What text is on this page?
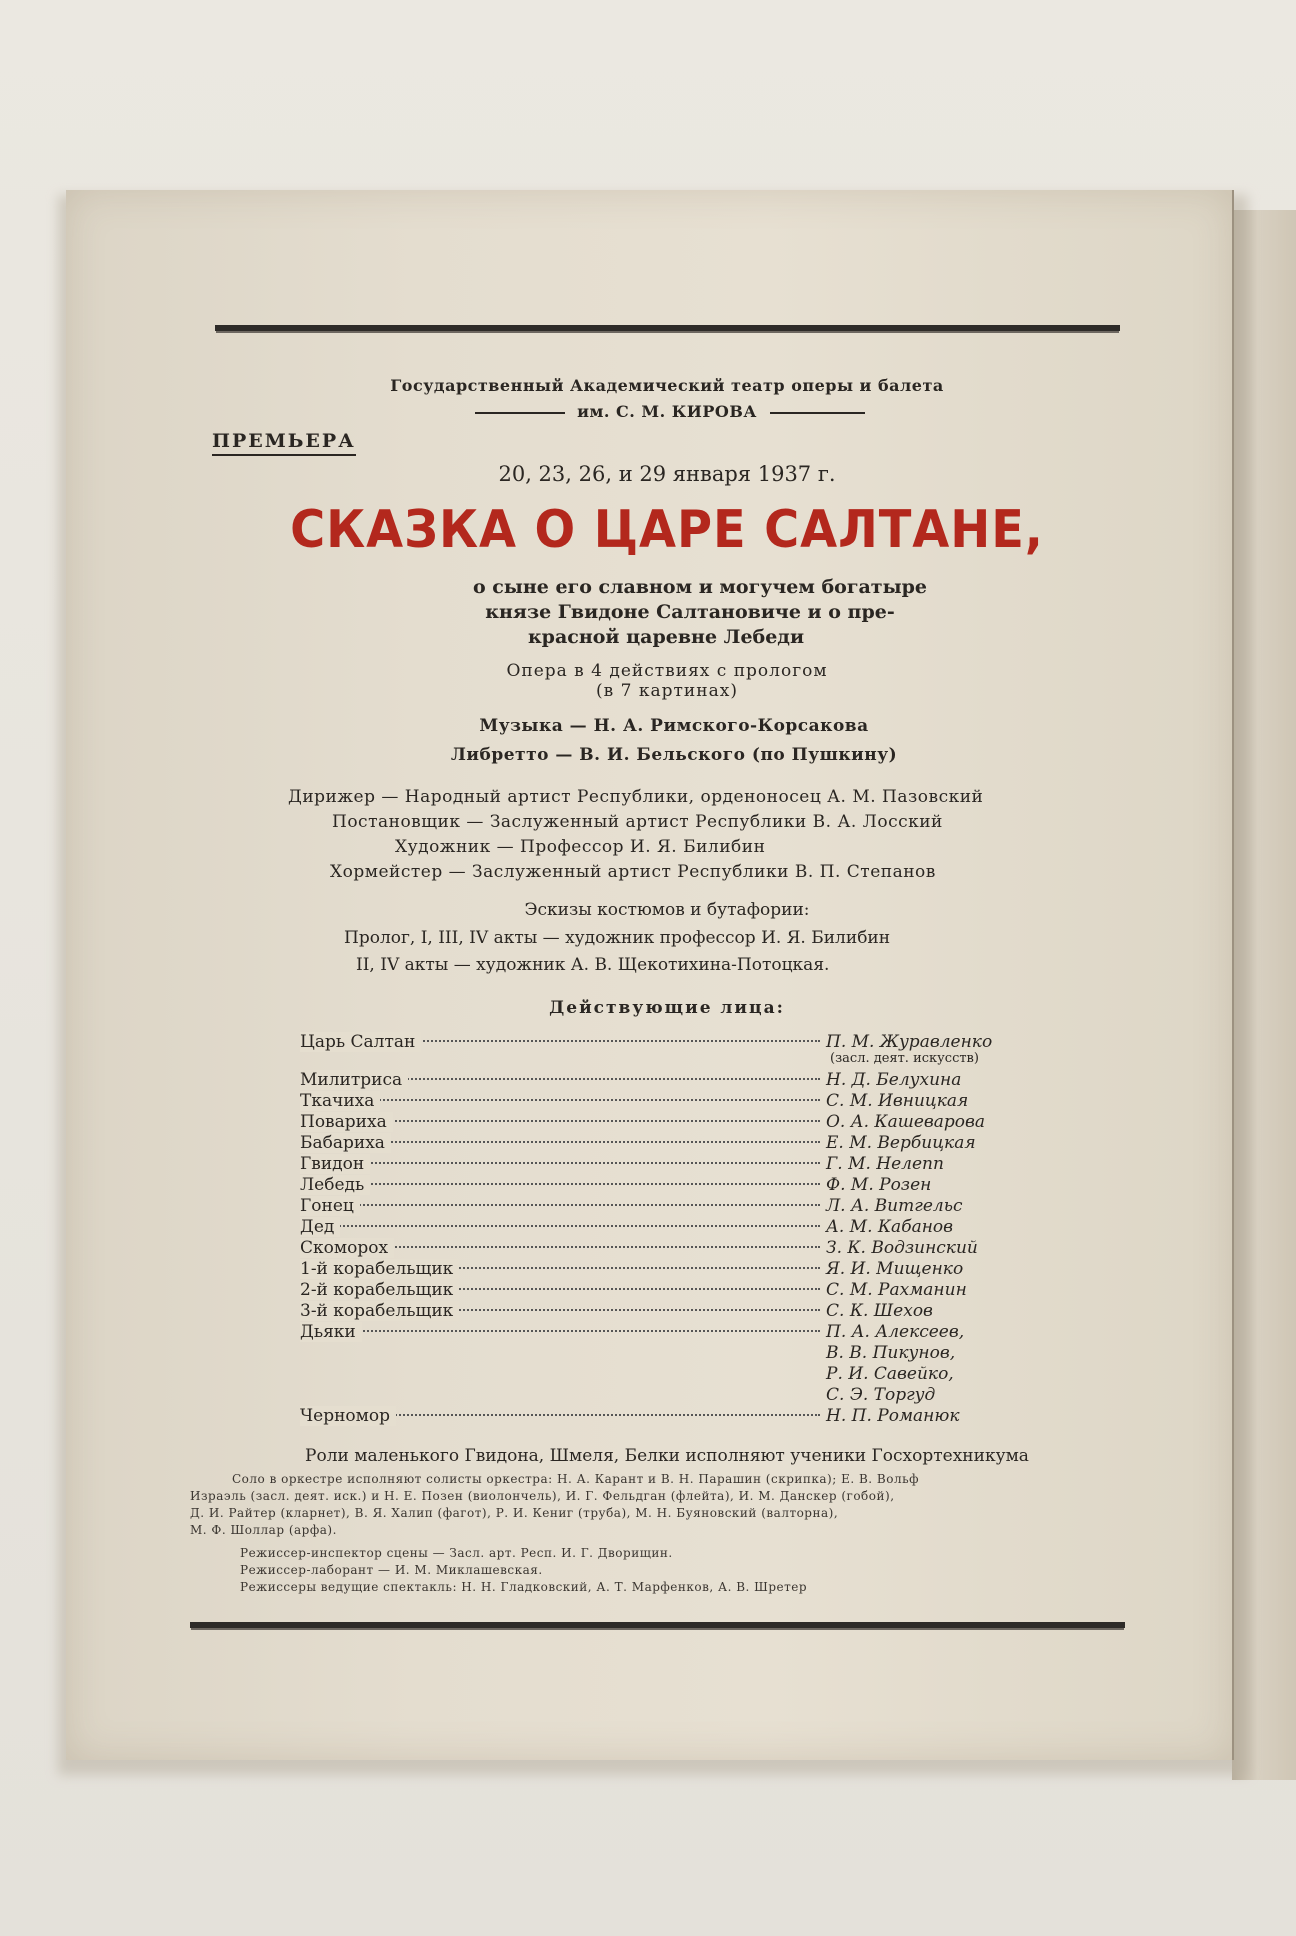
Государственный Академический театр оперы и балета
им. С. М. КИРОВА
ПРЕМЬЕРА
20, 23, 26, и 29 января 1937 г.
СКАЗКА О ЦАРЕ САЛТАНЕ,
о сыне его славном и могучем богатыре
князе Гвидоне Салтановиче и о пре-
красной царевне Лебеди
Опера в 4 действиях с прологом
(в 7 картинах)
Музыка — Н. А. Римского-Корсакова
Либретто — В. И. Бельского (по Пушкину)
Дирижер — Народный артист Республики, орденоносец А. М. Пазовский
Постановщик — Заслуженный артист Республики В. А. Лосский
Художник — Профессор И. Я. Билибин
Хормейстер — Заслуженный артист Республики В. П. Степанов
Эскизы костюмов и бутафории:
Пролог, I, III, IV акты — художник профессор И. Я. Билибин
II, IV акты — художник А. В. Щекотихина-Потоцкая.
Действующие лица:
Царь Салтан	П. М. Журавленко
(засл. деят. искусств)
Милитриса	Н. Д. Белухина
Ткачиха	С. М. Ивницкая
Повариха	О. А. Кашеварова
Бабариха	Е. М. Вербицкая
Гвидон	Г. М. Нелепп
Лебедь	Ф. М. Розен
Гонец	Л. А. Витгельс
Дед	А. М. Кабанов
Скоморох	З. К. Водзинский
1-й корабельщик	Я. И. Мищенко
2-й корабельщик	С. М. Рахманин
3-й корабельщик	С. К. Шехов
Дьяки	П. А. Алексеев,
В. В. Пикунов,
Р. И. Савейко,
С. Э. Торгуд
Черномор	Н. П. Романюк
Роли маленького Гвидона, Шмеля, Белки исполняют ученики Госхортехникума
Соло в оркестре исполняют солисты оркестра: Н. А. Карант и В. Н. Парашин (скрипка); Е. В. Вольф
Израэль (засл. деят. иск.) и Н. Е. Позен (виолончель), И. Г. Фельдган (флейта), И. М. Данскер (гобой),
Д. И. Райтер (кларнет), В. Я. Халип (фагот), Р. И. Кениг (труба), М. Н. Буяновский (валторна),
М. Ф. Шоллар (арфа).
Режиссер-инспектор сцены — Засл. арт. Респ. И. Г. Дворищин.
Режиссер-лаборант — И. М. Миклашевская.
Режиссеры ведущие спектакль: Н. Н. Гладковский, А. Т. Марфенков, А. В. Шретер
